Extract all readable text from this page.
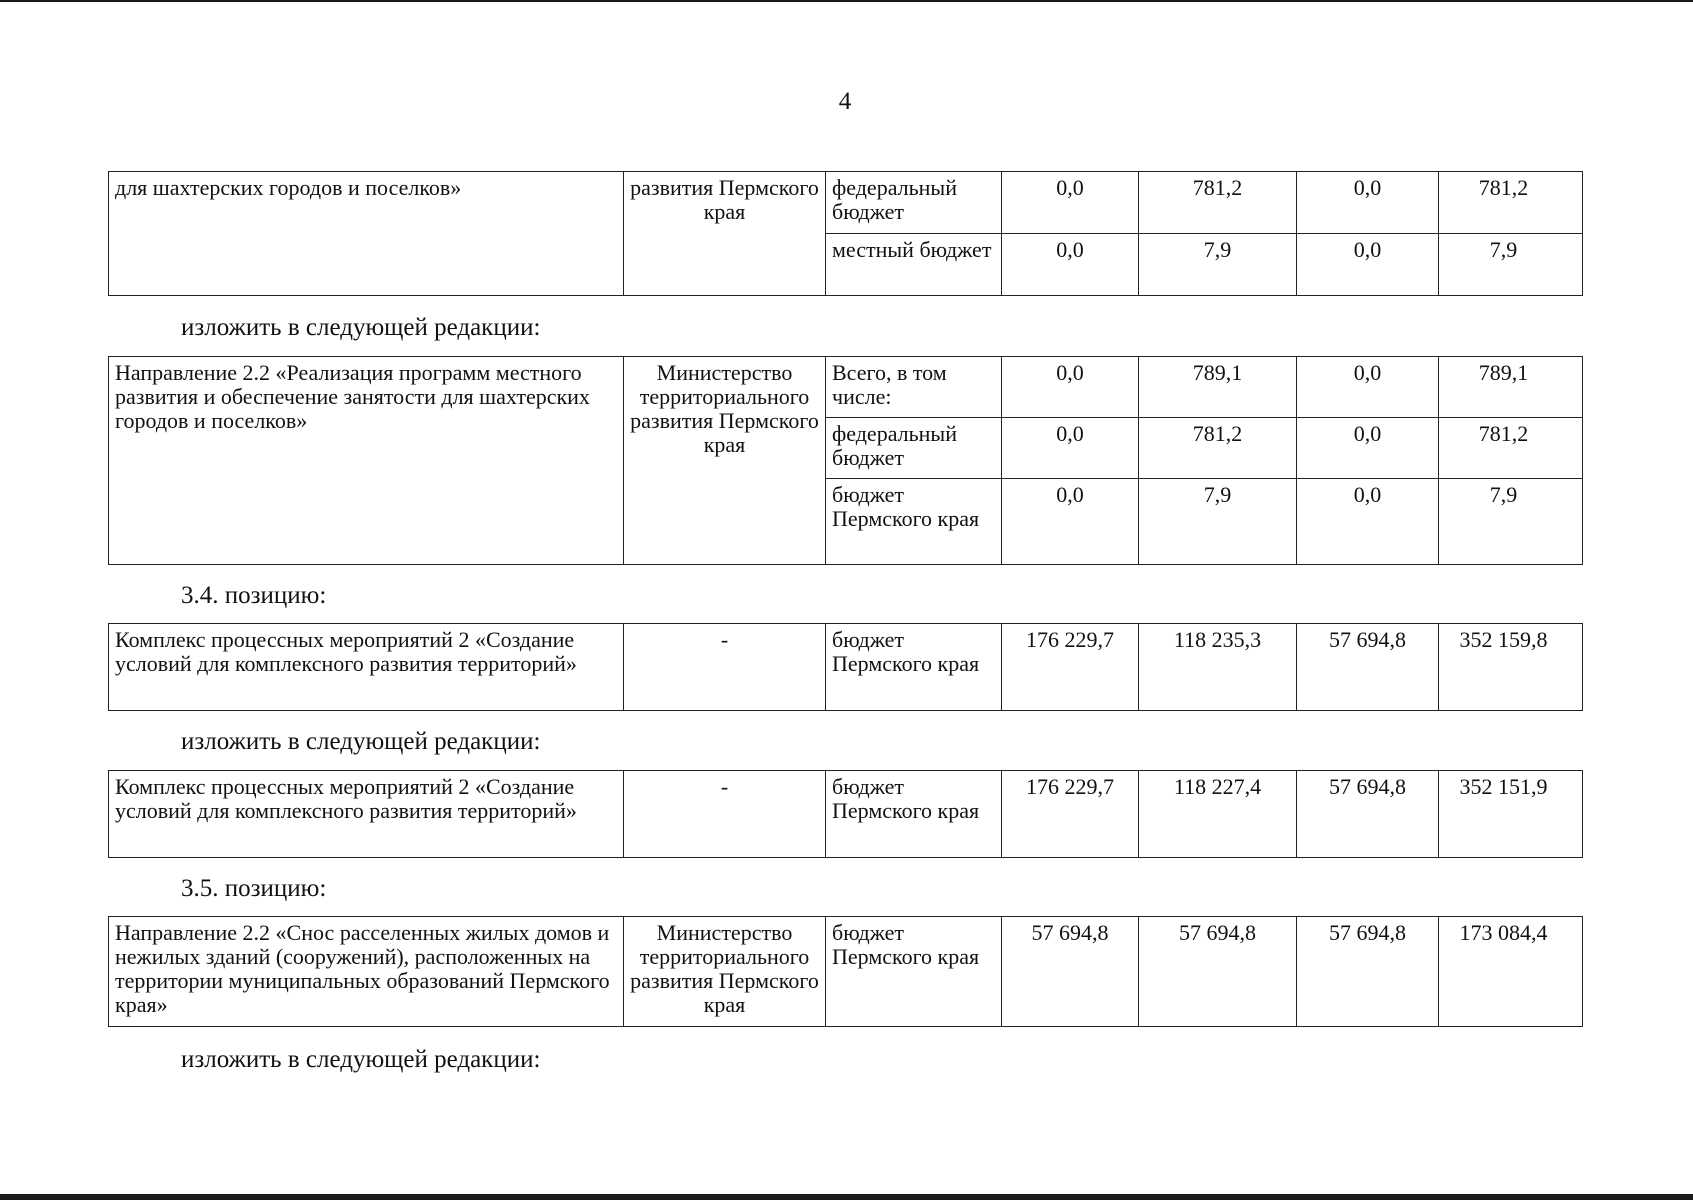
4
для шахтерских городов и поселков»	развития Пермского края	федеральный бюджет	0,0	781,2	0,0	781,2
		местный бюджет	0,0	7,9	0,0	7,9
изложить в следующей редакции:
Направление 2.2 «Реализация программ местного развития и обеспечение занятости для шахтерских городов и поселков»	Министерство территориального развития Пермского края	Всего, в том числе:	0,0	789,1	0,0	789,1
		федеральный бюджет	0,0	781,2	0,0	781,2
		бюджет Пермского края	0,0	7,9	0,0	7,9
3.4. позицию:
Комплекс процессных мероприятий 2 «Создание условий для комплексного развития территорий»	-	бюджет Пермского края	176 229,7	118 235,3	57 694,8	352 159,8
изложить в следующей редакции:
Комплекс процессных мероприятий 2 «Создание условий для комплексного развития территорий»	-	бюджет Пермского края	176 229,7	118 227,4	57 694,8	352 151,9
3.5. позицию:
Направление 2.2 «Снос расселенных жилых домов и нежилых зданий (сооружений), расположенных на территории муниципальных образований Пермского края»	Министерство территориального развития Пермского края	бюджет Пермского края	57 694,8	57 694,8	57 694,8	173 084,4
изложить в следующей редакции:
